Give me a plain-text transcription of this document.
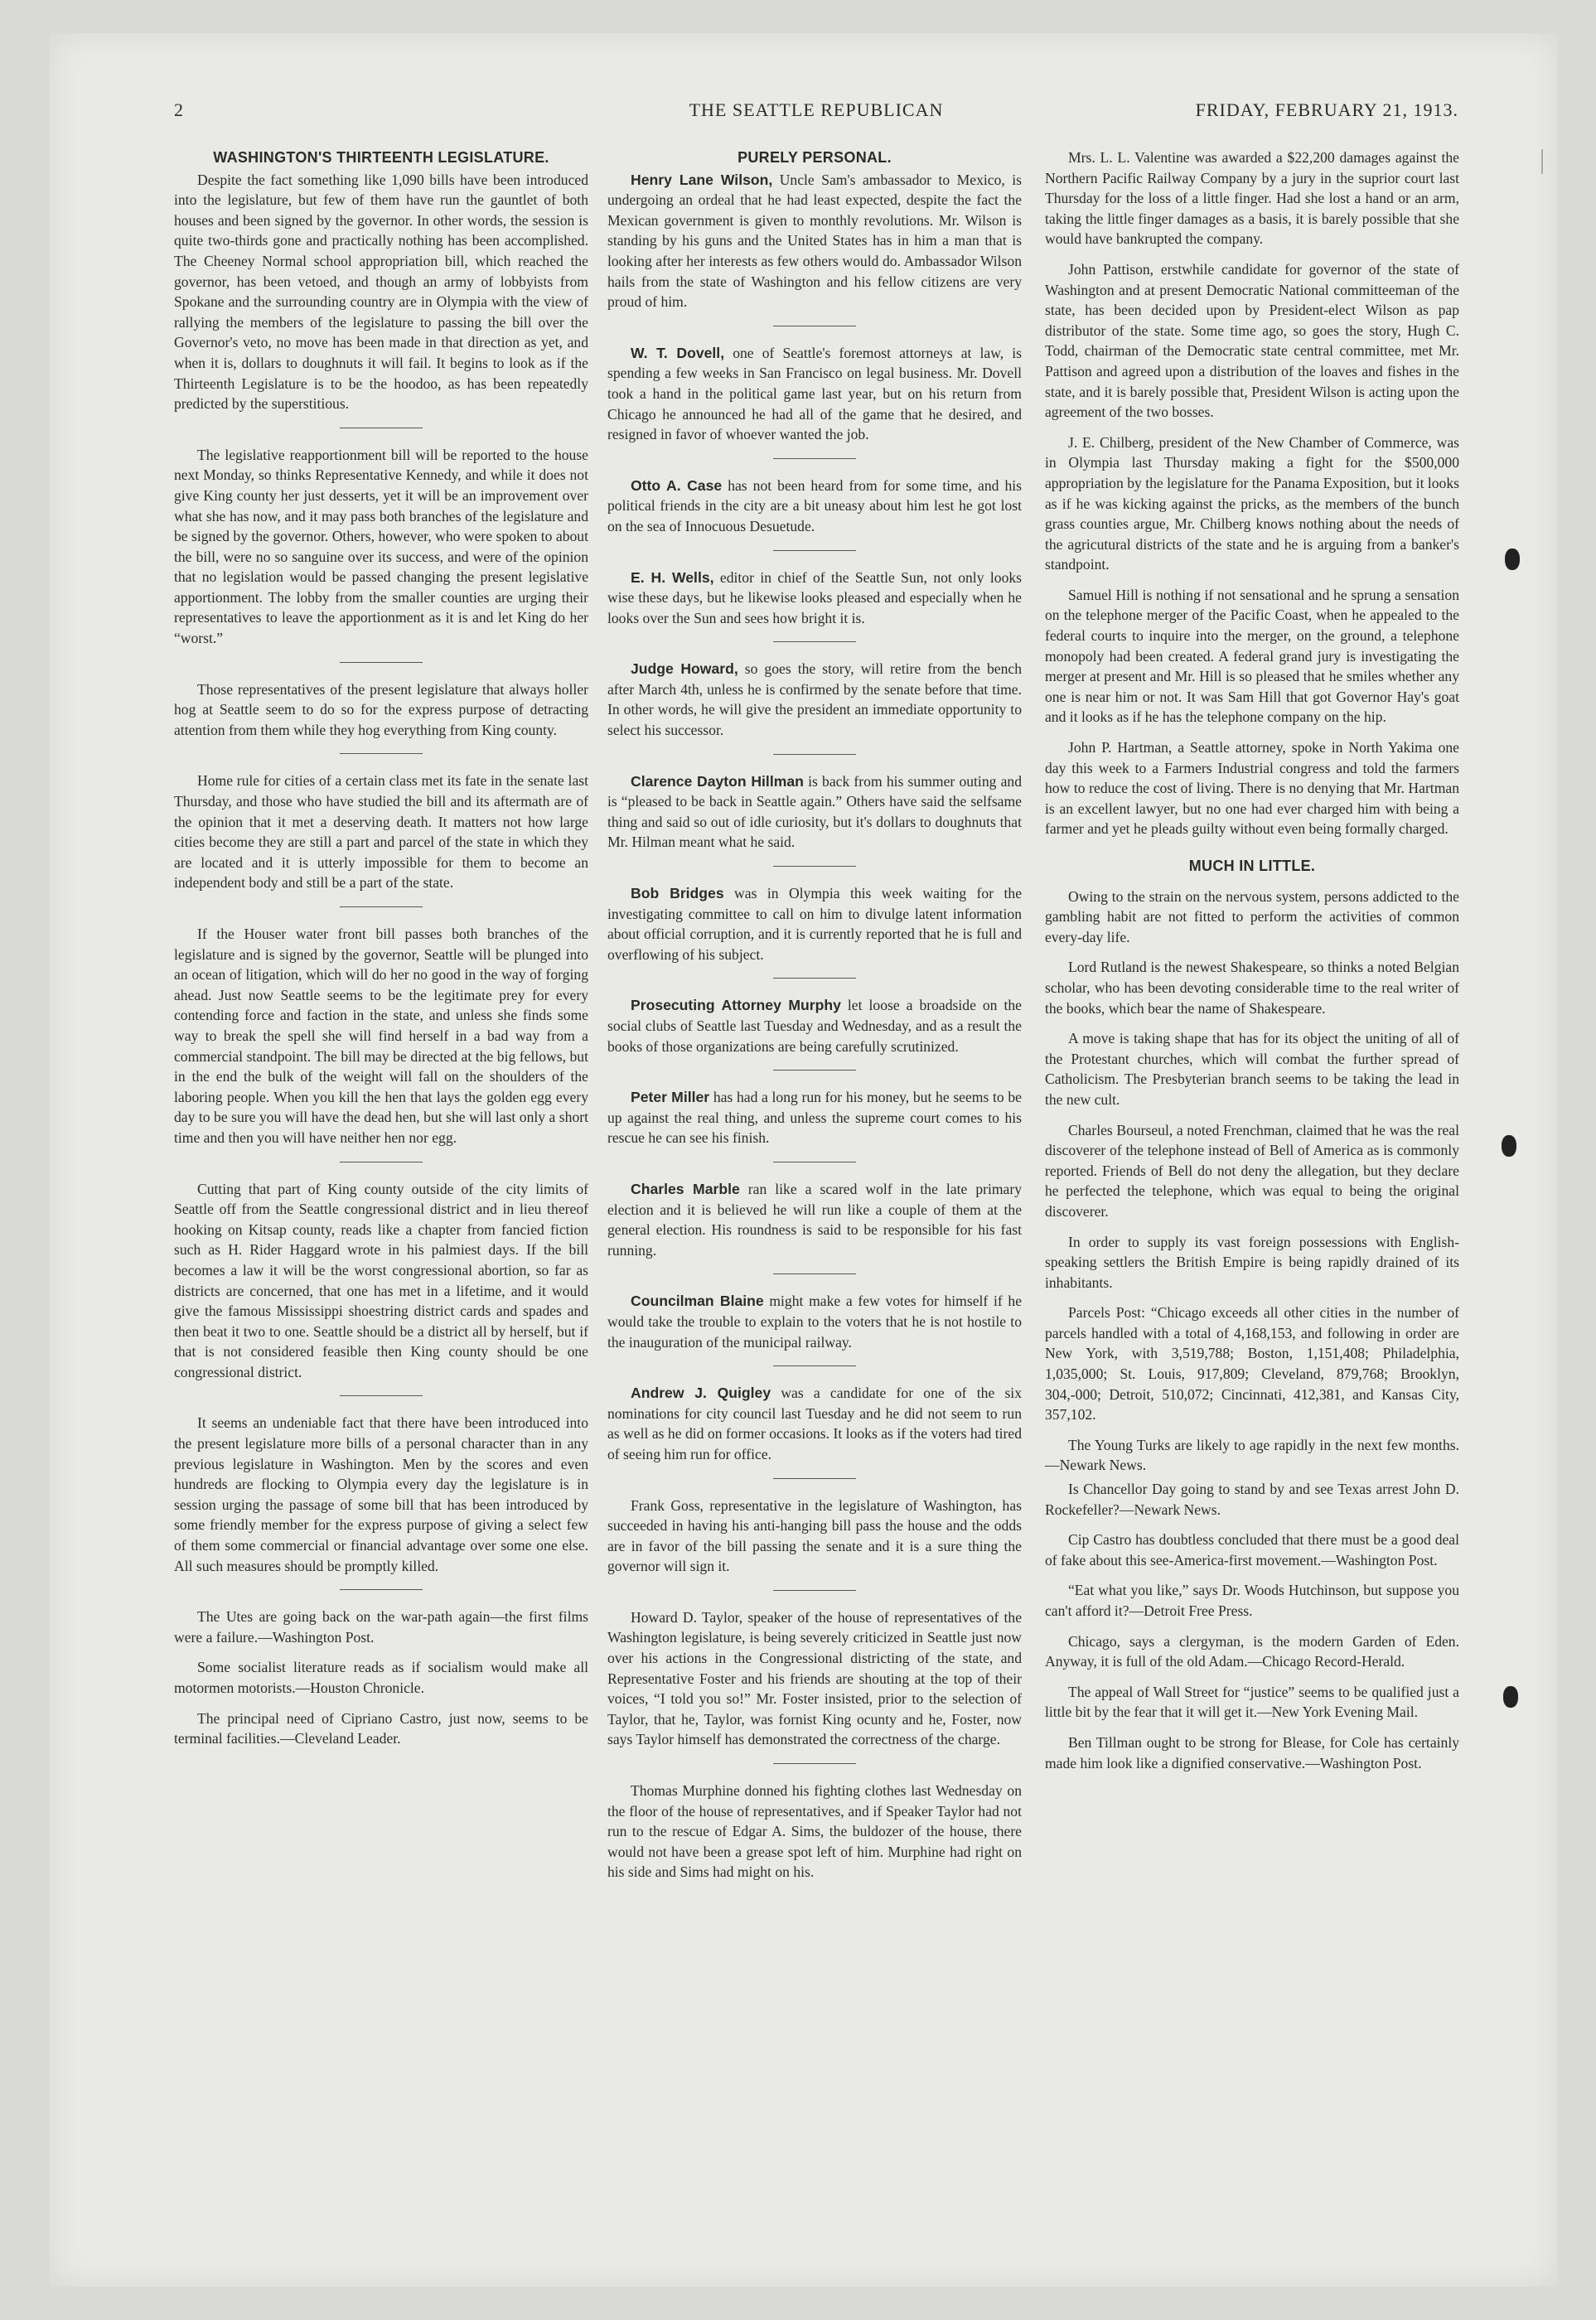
2	THE SEATTLE REPUBLICAN	FRIDAY, FEBRUARY 21, 1913.
WASHINGTON'S THIRTEENTH LEGISLATURE.

Despite the fact something like 1,090 bills have been introduced into the legislature, but few of them have run the gauntlet of both houses and been signed by the governor. In other words, the session is quite two-thirds gone and practically nothing has been accomplished. The Cheeney Normal school appropriation bill, which reached the governor, has been vetoed, and though an army of lobbyists from Spokane and the surrounding country are in Olympia with the view of rallying the members of the legislature to passing the bill over the Governor's veto, no move has been made in that direction as yet, and when it is, dollars to doughnuts it will fail. It begins to look as if the Thirteenth Legislature is to be the hoodoo, as has been repeatedly predicted by the superstitious.

The legislative reapportionment bill will be reported to the house next Monday, so thinks Representative Kennedy, and while it does not give King county her just desserts, yet it will be an improvement over what she has now, and it may pass both branches of the legislature and be signed by the governor. Others, however, who were spoken to about the bill, were no so sanguine over its success, and were of the opinion that no legislation would be passed changing the present legislative apportionment. The lobby from the smaller counties are urging their representatives to leave the apportionment as it is and let King do her “worst.”

Those representatives of the present legislature that always holler hog at Seattle seem to do so for the express purpose of detracting attention from them while they hog everything from King county.

Home rule for cities of a certain class met its fate in the senate last Thursday, and those who have studied the bill and its aftermath are of the opinion that it met a deserving death. It matters not how large cities become they are still a part and parcel of the state in which they are located and it is utterly impossible for them to become an independent body and still be a part of the state.

If the Houser water front bill passes both branches of the legislature and is signed by the governor, Seattle will be plunged into an ocean of litigation, which will do her no good in the way of forging ahead. Just now Seattle seems to be the legitimate prey for every contending force and faction in the state, and unless she finds some way to break the spell she will find herself in a bad way from a commercial standpoint. The bill may be directed at the big fellows, but in the end the bulk of the weight will fall on the shoulders of the laboring people. When you kill the hen that lays the golden egg every day to be sure you will have the dead hen, but she will last only a short time and then you will have neither hen nor egg.

Cutting that part of King county outside of the city limits of Seattle off from the Seattle congressional district and in lieu thereof hooking on Kitsap county, reads like a chapter from fancied fiction such as H. Rider Haggard wrote in his palmiest days. If the bill becomes a law it will be the worst congressional abortion, so far as districts are concerned, that one has met in a lifetime, and it would give the famous Mississippi shoestring district cards and spades and then beat it two to one. Seattle should be a district all by herself, but if that is not considered feasible then King county should be one congressional district.

It seems an undeniable fact that there have been introduced into the present legislature more bills of a personal character than in any previous legislature in Washington. Men by the scores and even hundreds are flocking to Olympia every day the legislature is in session urging the passage of some bill that has been introduced by some friendly member for the express purpose of giving a select few of them some commercial or financial advantage over some one else. All such measures should be promptly killed.

The Utes are going back on the war-path again—the first films were a failure.—Washington Post.

Some socialist literature reads as if socialism would make all motormen motorists.—Houston Chronicle.

The principal need of Cipriano Castro, just now, seems to be terminal facilities.—Cleveland Leader.

PURELY PERSONAL.

Henry Lane Wilson, Uncle Sam's ambassador to Mexico, is undergoing an ordeal that he had least expected, despite the fact the Mexican government is given to monthly revolutions. Mr. Wilson is standing by his guns and the United States has in him a man that is looking after her interests as few others would do. Ambassador Wilson hails from the state of Washington and his fellow citizens are very proud of him.

W. T. Dovell, one of Seattle's foremost attorneys at law, is spending a few weeks in San Francisco on legal business. Mr. Dovell took a hand in the political game last year, but on his return from Chicago he announced he had all of the game that he desired, and resigned in favor of whoever wanted the job.

Otto A. Case has not been heard from for some time, and his political friends in the city are a bit uneasy about him lest he got lost on the sea of Innocuous Desuetude.

E. H. Wells, editor in chief of the Seattle Sun, not only looks wise these days, but he likewise looks pleased and especially when he looks over the Sun and sees how bright it is.

Judge Howard, so goes the story, will retire from the bench after March 4th, unless he is confirmed by the senate before that time. In other words, he will give the president an immediate opportunity to select his successor.

Clarence Dayton Hillman is back from his summer outing and is “pleased to be back in Seattle again.” Others have said the selfsame thing and said so out of idle curiosity, but it's dollars to doughnuts that Mr. Hilman meant what he said.

Bob Bridges was in Olympia this week waiting for the investigating committee to call on him to divulge latent information about official corruption, and it is currently reported that he is full and overflowing of his subject.

Prosecuting Attorney Murphy let loose a broadside on the social clubs of Seattle last Tuesday and Wednesday, and as a result the books of those organizations are being carefully scrutinized.

Peter Miller has had a long run for his money, but he seems to be up against the real thing, and unless the supreme court comes to his rescue he can see his finish.

Charles Marble ran like a scared wolf in the late primary election and it is believed he will run like a couple of them at the general election. His roundness is said to be responsible for his fast running.

Councilman Blaine might make a few votes for himself if he would take the trouble to explain to the voters that he is not hostile to the inauguration of the municipal railway.

Andrew J. Quigley was a candidate for one of the six nominations for city council last Tuesday and he did not seem to run as well as he did on former occasions. It looks as if the voters had tired of seeing him run for office.

Frank Goss, representative in the legislature of Washington, has succeeded in having his anti-hanging bill pass the house and the odds are in favor of the bill passing the senate and it is a sure thing the governor will sign it.

Howard D. Taylor, speaker of the house of representatives of the Washington legislature, is being severely criticized in Seattle just now over his actions in the Congressional districting of the state, and Representative Foster and his friends are shouting at the top of their voices, “I told you so!” Mr. Foster insisted, prior to the selection of Taylor, that he, Taylor, was fornist King ocunty and he, Foster, now says Taylor himself has demonstrated the correctness of the charge.

Thomas Murphine donned his fighting clothes last Wednesday on the floor of the house of representatives, and if Speaker Taylor had not run to the rescue of Edgar A. Sims, the buldozer of the house, there would not have been a grease spot left of him. Murphine had right on his side and Sims had might on his.

Mrs. L. L. Valentine was awarded a $22,200 damages against the Northern Pacific Railway Company by a jury in the suprior court last Thursday for the loss of a little finger. Had she lost a hand or an arm, taking the little finger damages as a basis, it is barely possible that she would have bankrupted the company.

John Pattison, erstwhile candidate for governor of the state of Washington and at present Democratic National committeeman of the state, has been decided upon by President-elect Wilson as pap distributor of the state. Some time ago, so goes the story, Hugh C. Todd, chairman of the Democratic state central committee, met Mr. Pattison and agreed upon a distribution of the loaves and fishes in the state, and it is barely possible that, President Wilson is acting upon the agreement of the two bosses.

J. E. Chilberg, president of the New Chamber of Commerce, was in Olympia last Thursday making a fight for the $500,000 appropriation by the legislature for the Panama Exposition, but it looks as if he was kicking against the pricks, as the members of the bunch grass counties argue, Mr. Chilberg knows nothing about the needs of the agricutural districts of the state and he is arguing from a banker's standpoint.

Samuel Hill is nothing if not sensational and he sprung a sensation on the telephone merger of the Pacific Coast, when he appealed to the federal courts to inquire into the merger, on the ground, a telephone monopoly had been created. A federal grand jury is investigating the merger at present and Mr. Hill is so pleased that he smiles whether any one is near him or not. It was Sam Hill that got Governor Hay's goat and it looks as if he has the telephone company on the hip.

John P. Hartman, a Seattle attorney, spoke in North Yakima one day this week to a Farmers Industrial congress and told the farmers how to reduce the cost of living. There is no denying that Mr. Hartman is an excellent lawyer, but no one had ever charged him with being a farmer and yet he pleads guilty without even being formally charged.

MUCH IN LITTLE.

Owing to the strain on the nervous system, persons addicted to the gambling habit are not fitted to perform the activities of common every-day life.

Lord Rutland is the newest Shakespeare, so thinks a noted Belgian scholar, who has been devoting considerable time to the real writer of the books, which bear the name of Shakespeare.

A move is taking shape that has for its object the uniting of all of the Protestant churches, which will combat the further spread of Catholicism. The Presbyterian branch seems to be taking the lead in the new cult.

Charles Bourseul, a noted Frenchman, claimed that he was the real discoverer of the telephone instead of Bell of America as is commonly reported. Friends of Bell do not deny the allegation, but they declare he perfected the telephone, which was equal to being the original discoverer.

In order to supply its vast foreign possessions with English-speaking settlers the British Empire is being rapidly drained of its inhabitants.

Parcels Post: “Chicago exceeds all other cities in the number of parcels handled with a total of 4,168,153, and following in order are New York, with 3,519,788; Boston, 1,151,408; Philadelphia, 1,035,000; St. Louis, 917,809; Cleveland, 879,768; Brooklyn, 304,-000; Detroit, 510,072; Cincinnati, 412,381, and Kansas City, 357,102.

The Young Turks are likely to age rapidly in the next few months.—Newark News.

Is Chancellor Day going to stand by and see Texas arrest John D. Rockefeller?—Newark News.

Cip Castro has doubtless concluded that there must be a good deal of fake about this see-America-first movement.—Washington Post.

“Eat what you like,” says Dr. Woods Hutchinson, but suppose you can't afford it?—Detroit Free Press.

Chicago, says a clergyman, is the modern Garden of Eden. Anyway, it is full of the old Adam.—Chicago Record-Herald.

The appeal of Wall Street for “justice” seems to be qualified just a little bit by the fear that it will get it.—New York Evening Mail.

Ben Tillman ought to be strong for Blease, for Cole has certainly made him look like a dignified conservative.—Washington Post.
